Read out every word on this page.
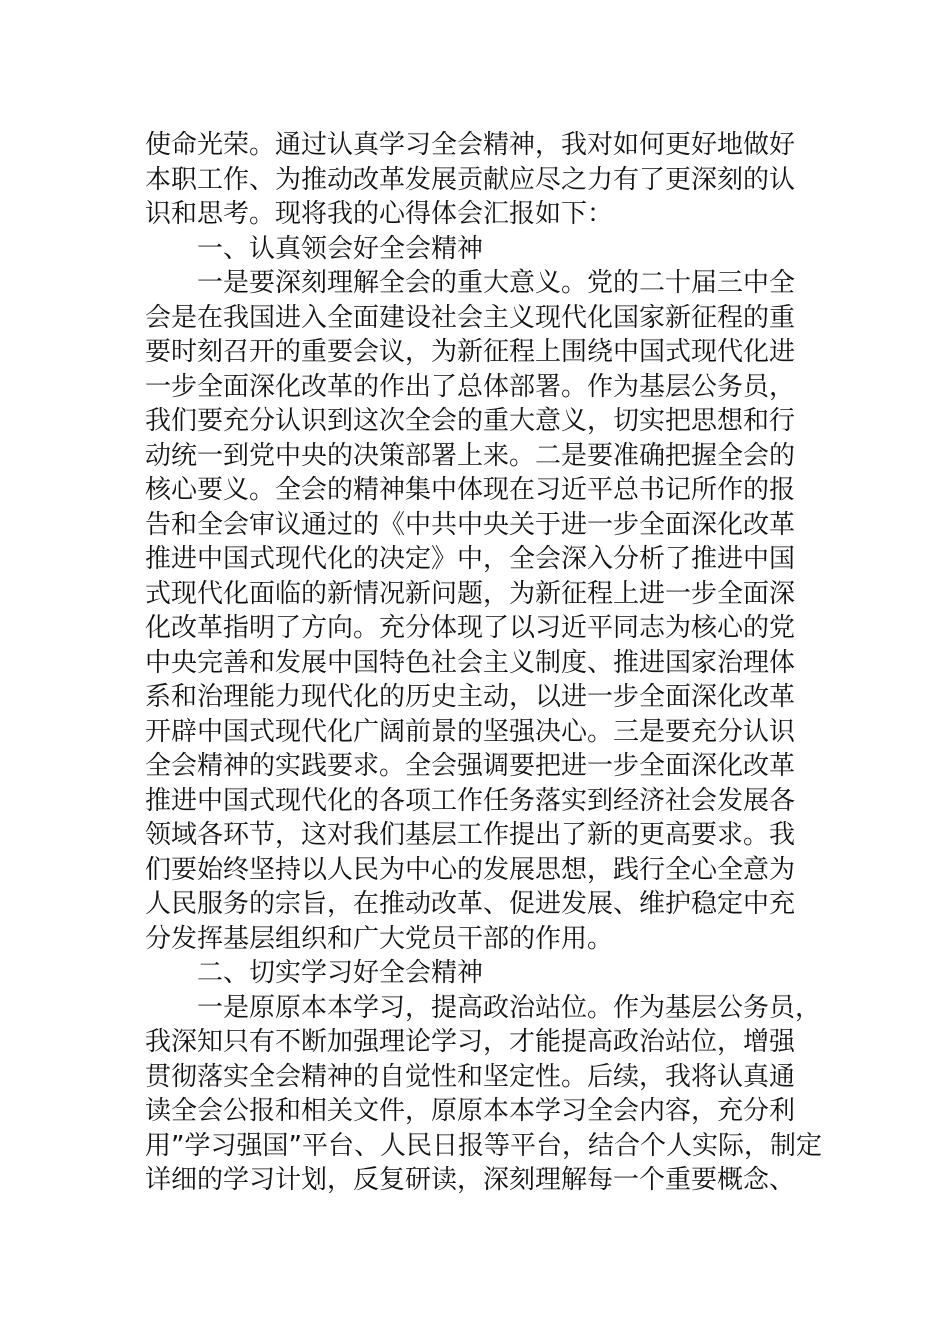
使命光荣。通过认真学习全会精神，我对如何更好地做好
本职工作、为推动改革发展贡献应尽之力有了更深刻的认
识和思考。现将我的心得体会汇报如下：
一、认真领会好全会精神
一是要深刻理解全会的重大意义。党的二十届三中全
会是在我国进入全面建设社会主义现代化国家新征程的重
要时刻召开的重要会议，为新征程上围绕中国式现代化进
一步全面深化改革的作出了总体部署。作为基层公务员，
我们要充分认识到这次全会的重大意义，切实把思想和行
动统一到党中央的决策部署上来。二是要准确把握全会的
核心要义。全会的精神集中体现在习近平总书记所作的报
告和全会审议通过的《中共中央关于进一步全面深化改革
推进中国式现代化的决定》中，全会深入分析了推进中国
式现代化面临的新情况新问题，为新征程上进一步全面深
化改革指明了方向。充分体现了以习近平同志为核心的党
中央完善和发展中国特色社会主义制度、推进国家治理体
系和治理能力现代化的历史主动，以进一步全面深化改革
开辟中国式现代化广阔前景的坚强决心。三是要充分认识
全会精神的实践要求。全会强调要把进一步全面深化改革
推进中国式现代化的各项工作任务落实到经济社会发展各
领域各环节，这对我们基层工作提出了新的更高要求。我
们要始终坚持以人民为中心的发展思想，践行全心全意为
人民服务的宗旨，在推动改革、促进发展、维护稳定中充
分发挥基层组织和广大党员干部的作用。
二、切实学习好全会精神
一是原原本本学习，提高政治站位。作为基层公务员，
我深知只有不断加强理论学习，才能提高政治站位，增强
贯彻落实全会精神的自觉性和坚定性。后续，我将认真通
读全会公报和相关文件，原原本本学习全会内容，充分利
用”学习强国”平台、人民日报等平台，结合个人实际，制定
详细的学习计划，反复研读，深刻理解每一个重要概念、
